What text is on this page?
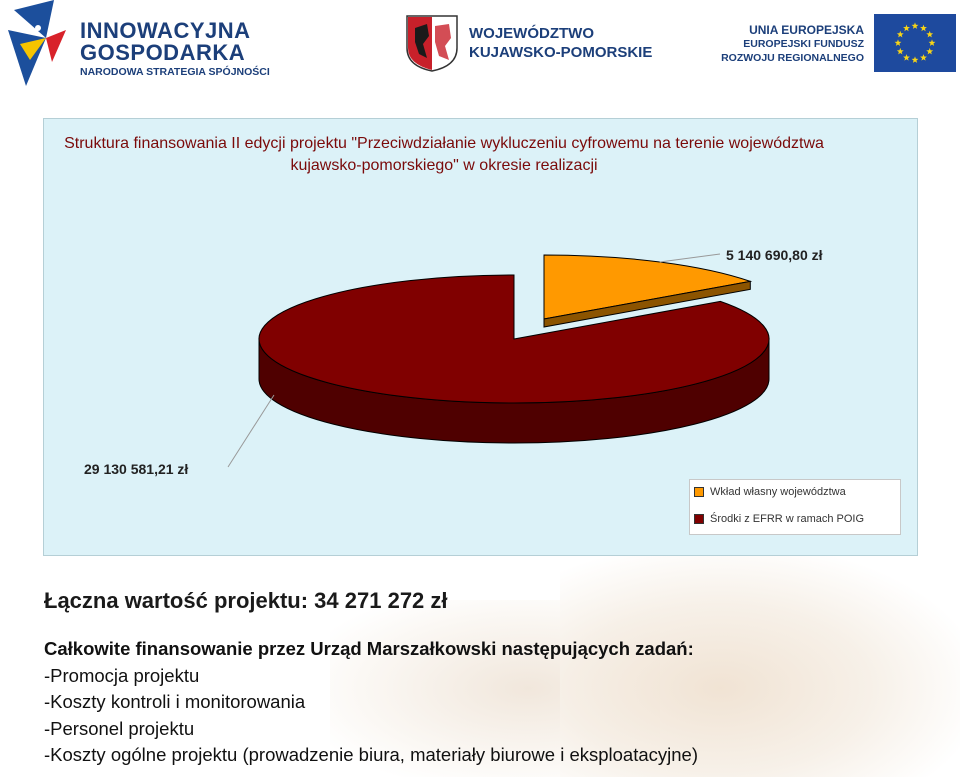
INNOWACYJNA
GOSPODARKA
NARODOWA STRATEGIA SPÓJNOŚCI
WOJEWÓDZTWO
KUJAWSKO-POMORSKIE
UNIA EUROPEJSKA
EUROPEJSKI FUNDUSZ
ROZWOJU REGIONALNEGO
Struktura finansowania II edycji projektu "Przeciwdziałanie wykluczeniu cyfrowemu na terenie województwa kujawsko-pomorskiego" w okresie realizacji
5 140 690,80 zł
29 130 581,21 zł
Wkład własny województwa
Środki z EFRR w ramach POIG
Łączna wartość projektu: 34 271 272 zł
Całkowite finansowanie przez Urząd Marszałkowski następujących zadań:
-Promocja projektu
-Koszty kontroli i monitorowania
-Personel projektu
-Koszty ogólne projektu (prowadzenie biura, materiały biurowe i eksploatacyjne)
